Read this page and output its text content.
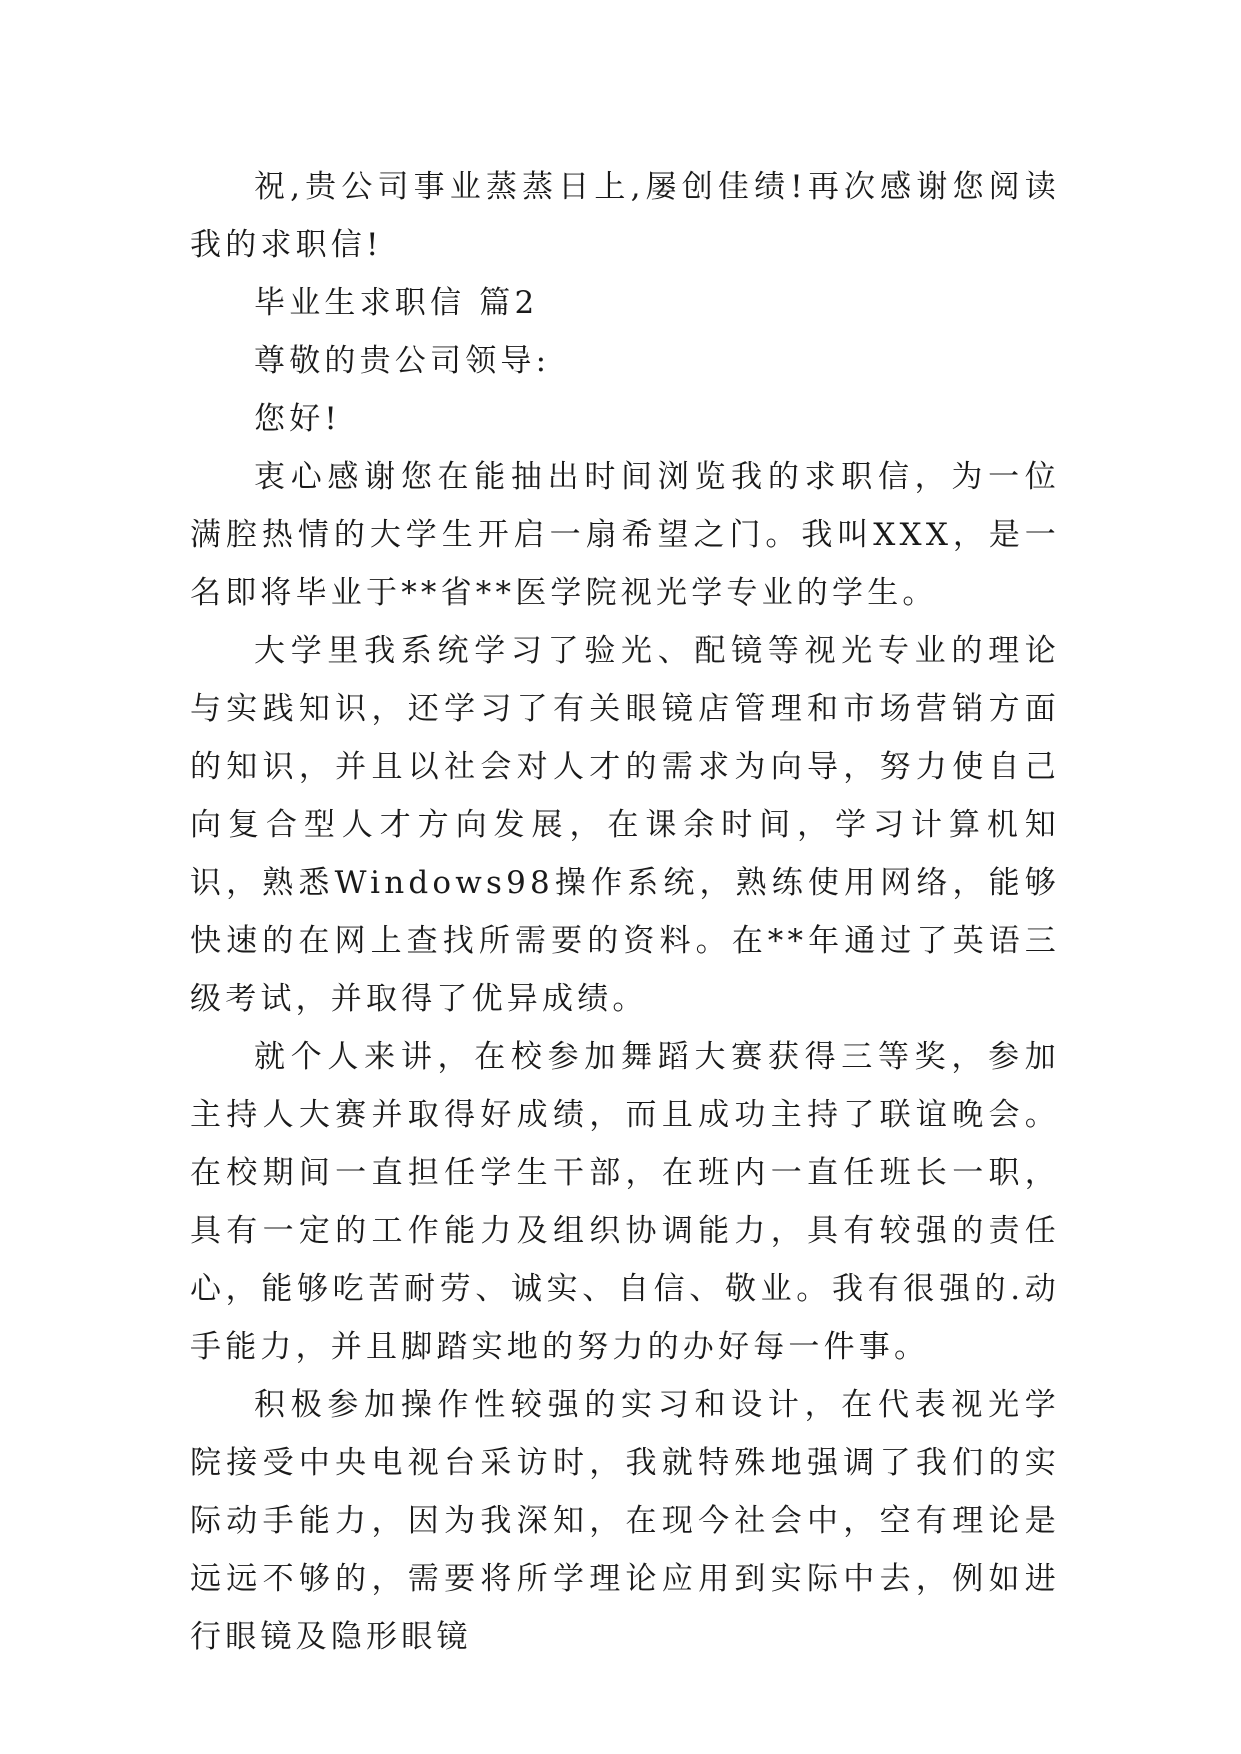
祝,贵公司事业蒸蒸日上,屡创佳绩!再次感谢您阅读我的求职信!

毕业生求职信 篇2

尊敬的贵公司领导:

您好!

衷心感谢您在能抽出时间浏览我的求职信，为一位满腔热情的大学生开启一扇希望之门。我叫XXX，是一名即将毕业于**省**医学院视光学专业的学生。

大学里我系统学习了验光、配镜等视光专业的理论与实践知识，还学习了有关眼镜店管理和市场营销方面的知识，并且以社会对人才的需求为向导，努力使自己向复合型人才方向发展，在课余时间，学习计算机知识，熟悉Windows98操作系统，熟练使用网络，能够快速的在网上查找所需要的资料。在**年通过了英语三级考试，并取得了优异成绩。

就个人来讲，在校参加舞蹈大赛获得三等奖，参加主持人大赛并取得好成绩，而且成功主持了联谊晚会。在校期间一直担任学生干部，在班内一直任班长一职，具有一定的工作能力及组织协调能力，具有较强的责任心，能够吃苦耐劳、诚实、自信、敬业。我有很强的.动手能力，并且脚踏实地的努力的办好每一件事。

积极参加操作性较强的实习和设计，在代表视光学院接受中央电视台采访时，我就特殊地强调了我们的实际动手能力，因为我深知，在现今社会中，空有理论是远远不够的，需要将所学理论应用到实际中去，例如进行眼镜及隐形眼镜
